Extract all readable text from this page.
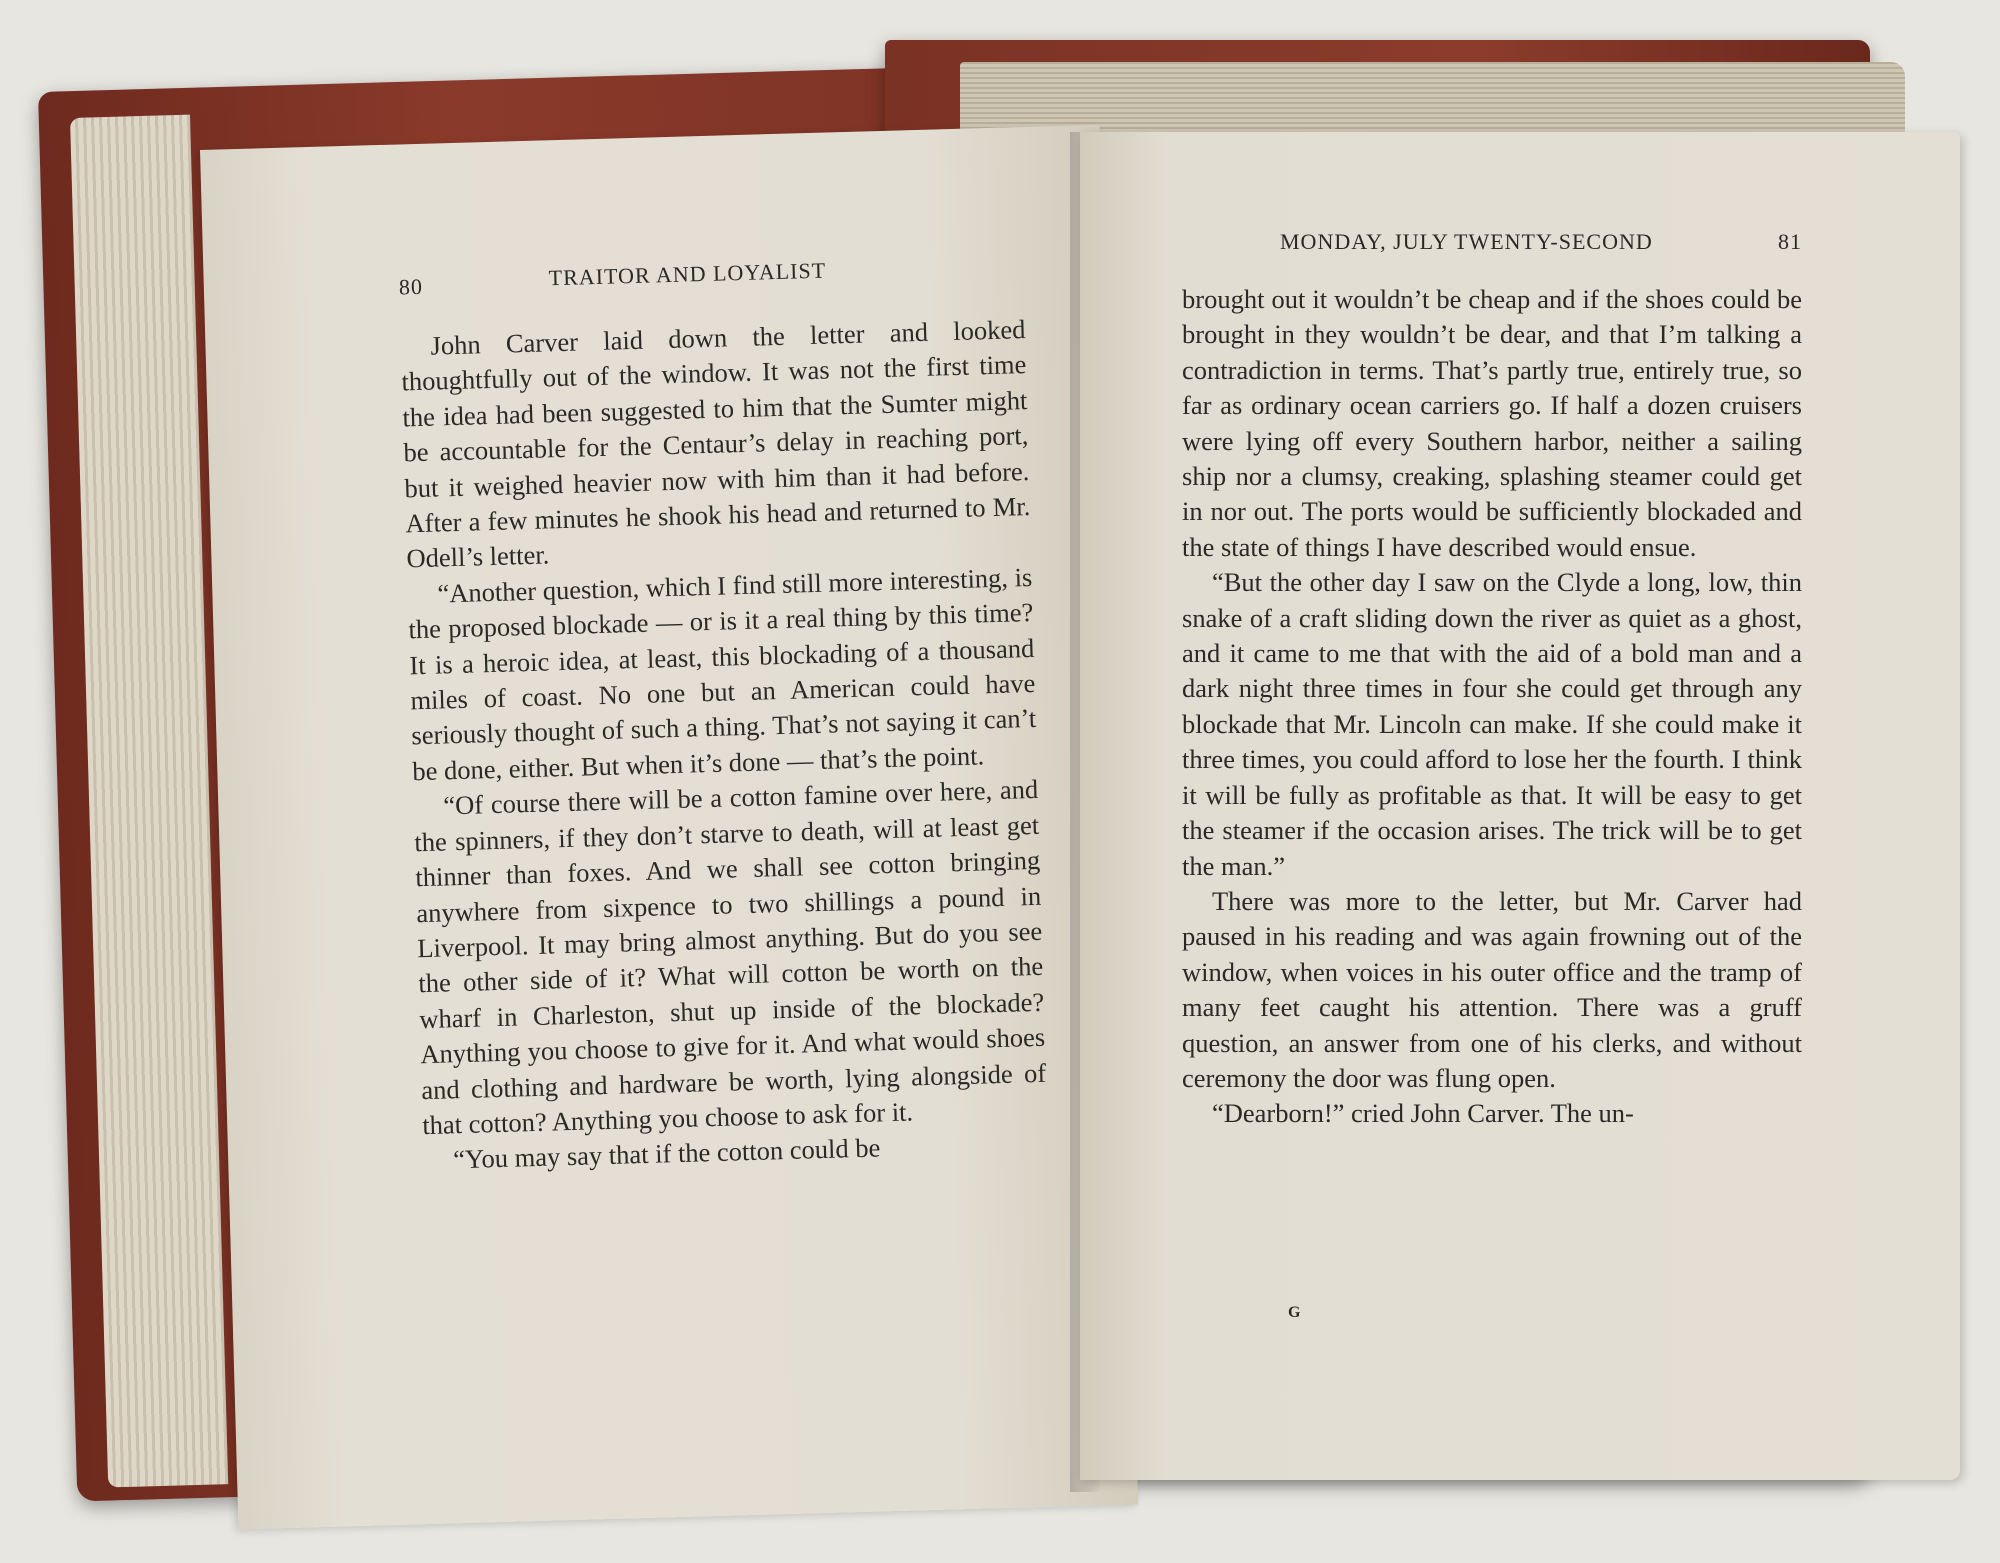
80	TRAITOR AND LOYALIST

John Carver laid down the letter and looked thoughtfully out of the window. It was not the first time the idea had been suggested to him that the Sumter might be accountable for the Centaur’s delay in reaching port, but it weighed heavier now with him than it had before. After a few minutes he shook his head and returned to Mr. Odell’s letter.

“Another question, which I find still more interesting, is the proposed blockade — or is it a real thing by this time? It is a heroic idea, at least, this blockading of a thousand miles of coast. No one but an American could have seriously thought of such a thing. That’s not saying it can’t be done, either. But when it’s done — that’s the point.

“Of course there will be a cotton famine over here, and the spinners, if they don’t starve to death, will at least get thinner than foxes. And we shall see cotton bringing anywhere from sixpence to two shillings a pound in Liverpool. It may bring almost anything. But do you see the other side of it? What will cotton be worth on the wharf in Charleston, shut up inside of the blockade? Anything you choose to give for it. And what would shoes and clothing and hardware be worth, lying alongside of that cotton? Anything you choose to ask for it.

“You may say that if the cotton could be

MONDAY, JULY TWENTY-SECOND	81

brought out it wouldn’t be cheap and if the shoes could be brought in they wouldn’t be dear, and that I’m talking a contradiction in terms. That’s partly true, entirely true, so far as ordinary ocean carriers go. If half a dozen cruisers were lying off every Southern harbor, neither a sailing ship nor a clumsy, creaking, splashing steamer could get in nor out. The ports would be sufficiently blockaded and the state of things I have described would ensue.

“But the other day I saw on the Clyde a long, low, thin snake of a craft sliding down the river as quiet as a ghost, and it came to me that with the aid of a bold man and a dark night three times in four she could get through any blockade that Mr. Lincoln can make. If she could make it three times, you could afford to lose her the fourth. I think it will be fully as profitable as that. It will be easy to get the steamer if the occasion arises. The trick will be to get the man.”

There was more to the letter, but Mr. Carver had paused in his reading and was again frowning out of the window, when voices in his outer office and the tramp of many feet caught his attention. There was a gruff question, an answer from one of his clerks, and without ceremony the door was flung open.

“Dearborn!” cried John Carver. The un-

G
